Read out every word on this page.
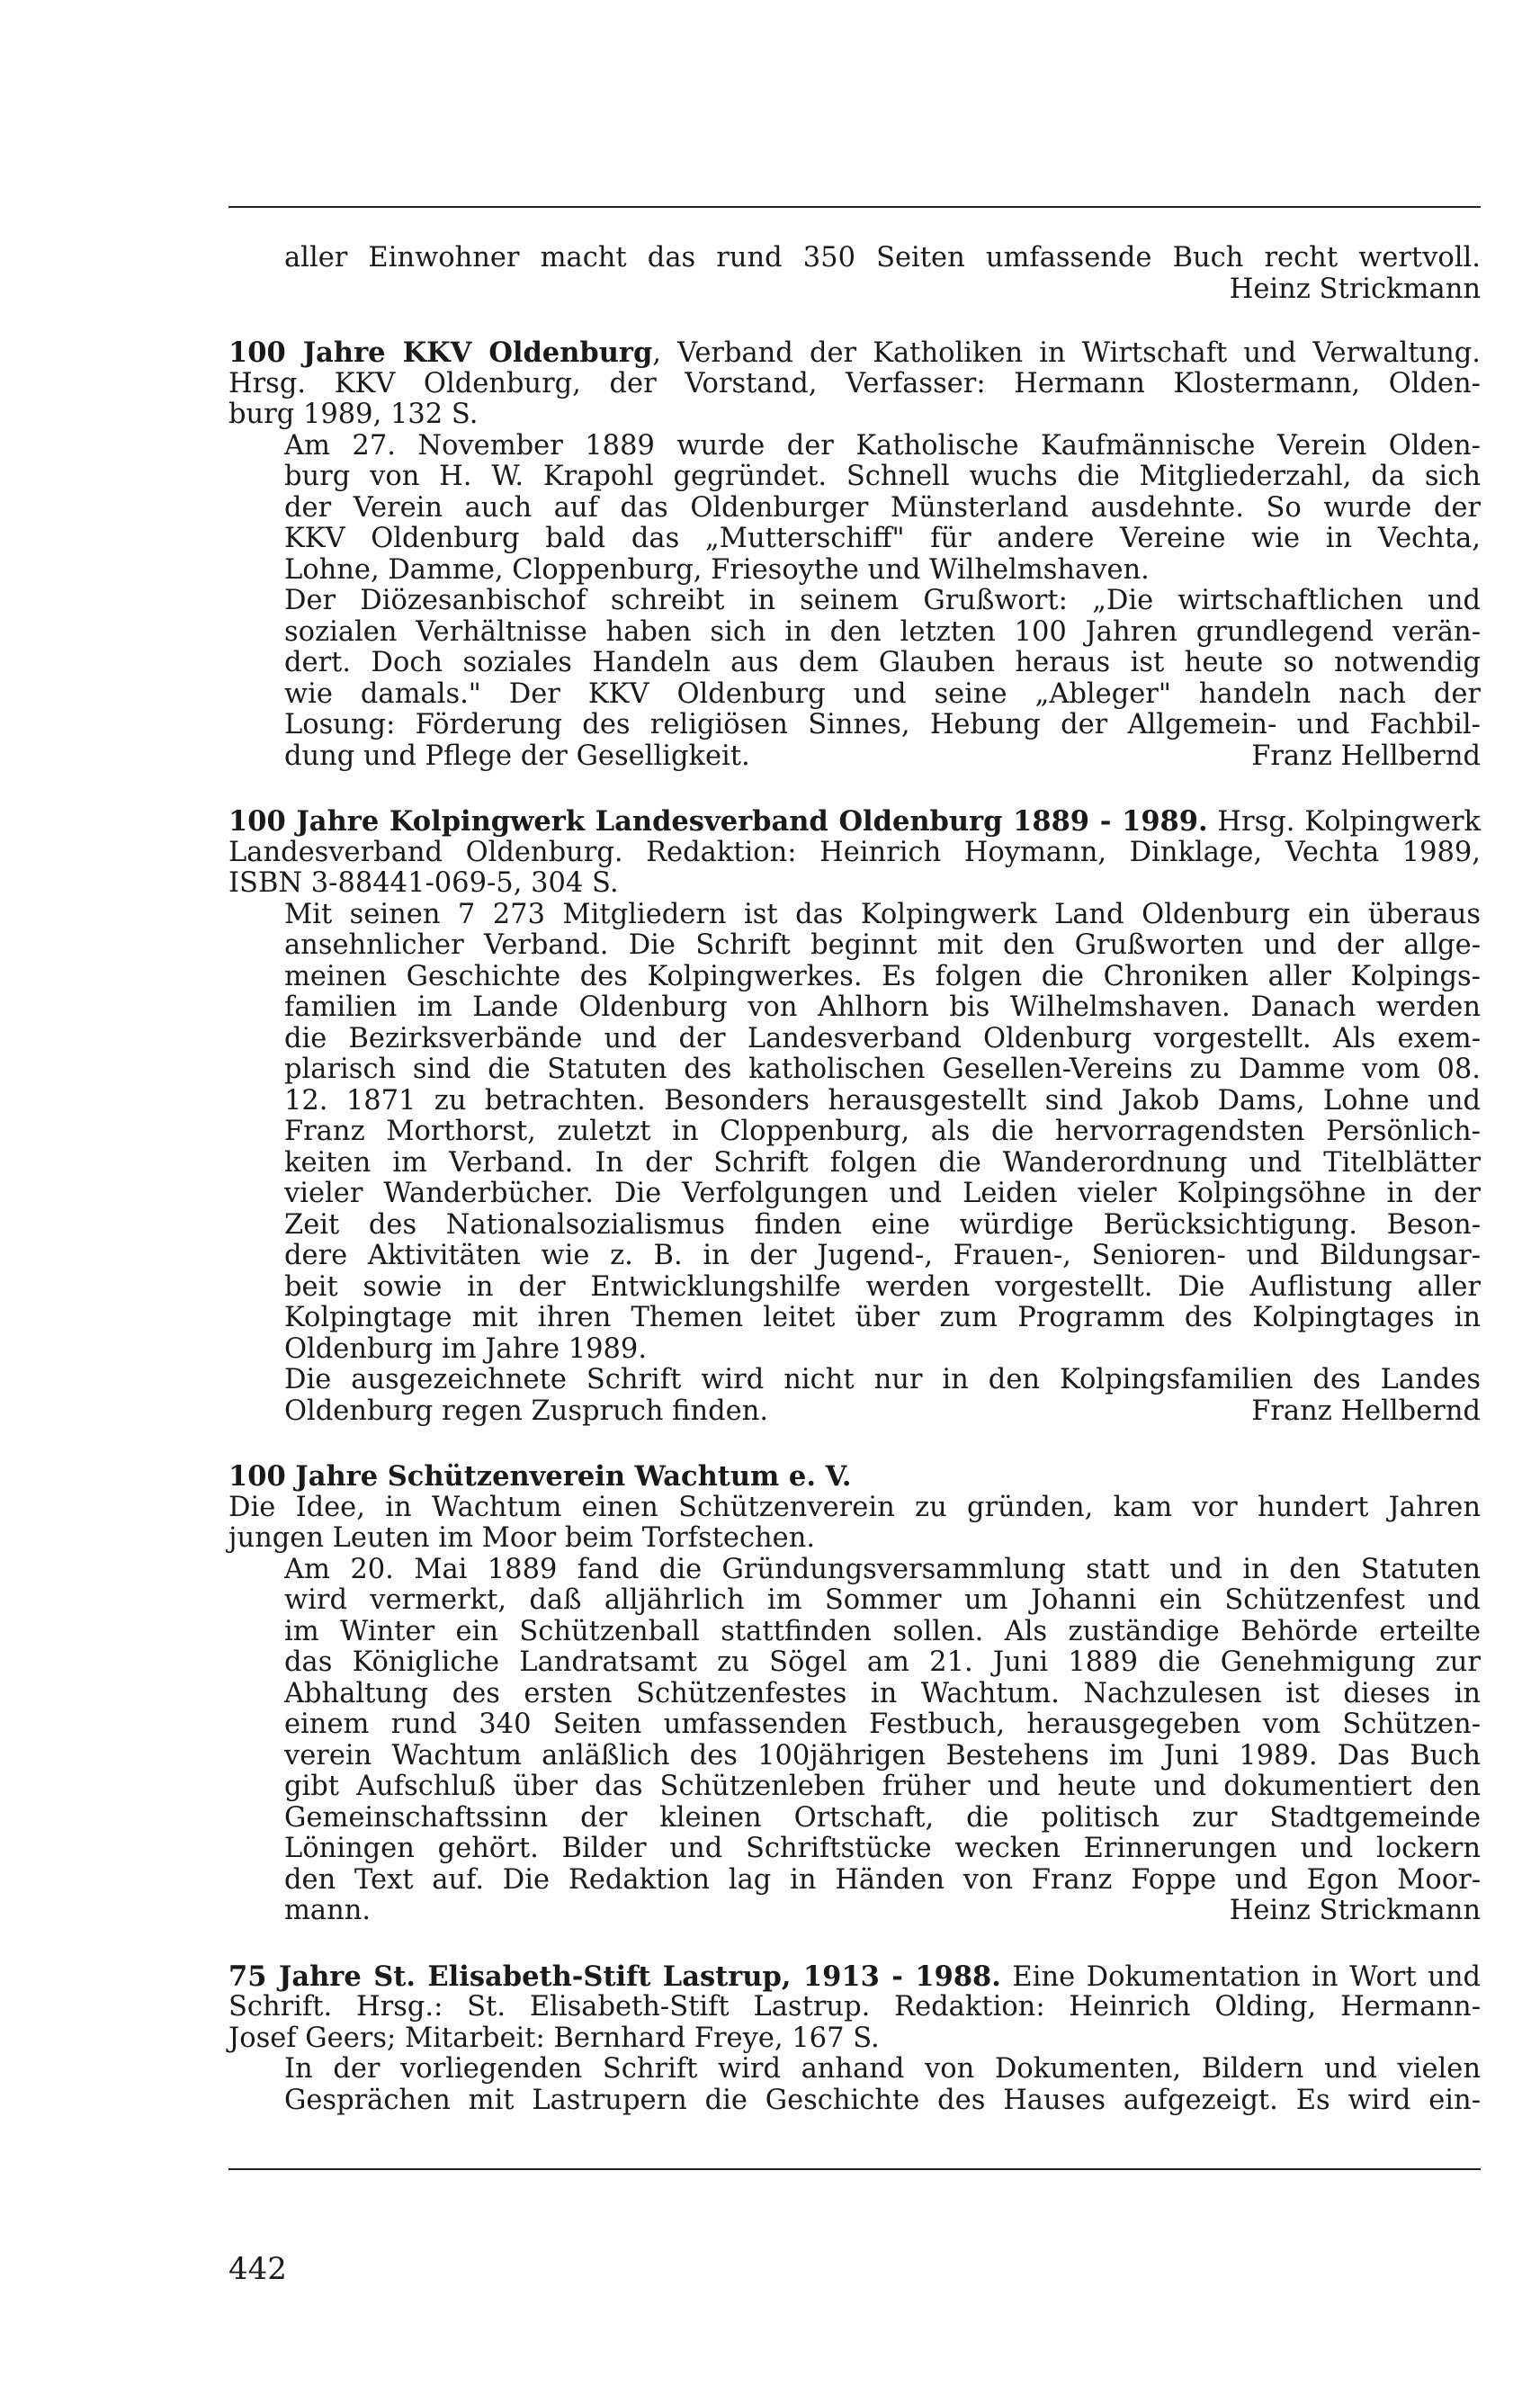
aller Einwohner macht das rund 350 Seiten umfassende Buch recht wertvoll.
Heinz Strickmann
100 Jahre KKV Oldenburg, Verband der Katholiken in Wirtschaft und Verwaltung.
Hrsg. KKV Oldenburg, der Vorstand, Verfasser: Hermann Klostermann, Olden-
burg 1989, 132 S.
Am 27. November 1889 wurde der Katholische Kaufmännische Verein Olden-
burg von H. W. Krapohl gegründet. Schnell wuchs die Mitgliederzahl, da sich
der Verein auch auf das Oldenburger Münsterland ausdehnte. So wurde der
KKV Oldenburg bald das „Mutterschiff" für andere Vereine wie in Vechta,
Lohne, Damme, Cloppenburg, Friesoythe und Wilhelmshaven.
Der Diözesanbischof schreibt in seinem Grußwort: „Die wirtschaftlichen und
sozialen Verhältnisse haben sich in den letzten 100 Jahren grundlegend verän-
dert. Doch soziales Handeln aus dem Glauben heraus ist heute so notwendig
wie damals." Der KKV Oldenburg und seine „Ableger" handeln nach der
Losung: Förderung des religiösen Sinnes, Hebung der Allgemein- und Fachbil-
dung und Pflege der Geselligkeit.	Franz Hellbernd
100 Jahre Kolpingwerk Landesverband Oldenburg 1889 - 1989. Hrsg. Kolpingwerk
Landesverband Oldenburg. Redaktion: Heinrich Hoymann, Dinklage, Vechta 1989,
ISBN 3-88441-069-5, 304 S.
Mit seinen 7 273 Mitgliedern ist das Kolpingwerk Land Oldenburg ein überaus
ansehnlicher Verband. Die Schrift beginnt mit den Grußworten und der allge-
meinen Geschichte des Kolpingwerkes. Es folgen die Chroniken aller Kolpings-
familien im Lande Oldenburg von Ahlhorn bis Wilhelmshaven. Danach werden
die Bezirksverbände und der Landesverband Oldenburg vorgestellt. Als exem-
plarisch sind die Statuten des katholischen Gesellen-Vereins zu Damme vom 08.
12. 1871 zu betrachten. Besonders herausgestellt sind Jakob Dams, Lohne und
Franz Morthorst, zuletzt in Cloppenburg, als die hervorragendsten Persönlich-
keiten im Verband. In der Schrift folgen die Wanderordnung und Titelblätter
vieler Wanderbücher. Die Verfolgungen und Leiden vieler Kolpingsöhne in der
Zeit des Nationalsozialismus finden eine würdige Berücksichtigung. Beson-
dere Aktivitäten wie z. B. in der Jugend-, Frauen-, Senioren- und Bildungsar-
beit sowie in der Entwicklungshilfe werden vorgestellt. Die Auflistung aller
Kolpingtage mit ihren Themen leitet über zum Programm des Kolpingtages in
Oldenburg im Jahre 1989.
Die ausgezeichnete Schrift wird nicht nur in den Kolpingsfamilien des Landes
Oldenburg regen Zuspruch finden.	Franz Hellbernd
100 Jahre Schützenverein Wachtum e. V.
Die Idee, in Wachtum einen Schützenverein zu gründen, kam vor hundert Jahren
jungen Leuten im Moor beim Torfstechen.
Am 20. Mai 1889 fand die Gründungsversammlung statt und in den Statuten
wird vermerkt, daß alljährlich im Sommer um Johanni ein Schützenfest und
im Winter ein Schützenball stattfinden sollen. Als zuständige Behörde erteilte
das Königliche Landratsamt zu Sögel am 21. Juni 1889 die Genehmigung zur
Abhaltung des ersten Schützenfestes in Wachtum. Nachzulesen ist dieses in
einem rund 340 Seiten umfassenden Festbuch, herausgegeben vom Schützen-
verein Wachtum anläßlich des 100jährigen Bestehens im Juni 1989. Das Buch
gibt Aufschluß über das Schützenleben früher und heute und dokumentiert den
Gemeinschaftssinn der kleinen Ortschaft, die politisch zur Stadtgemeinde
Löningen gehört. Bilder und Schriftstücke wecken Erinnerungen und lockern
den Text auf. Die Redaktion lag in Händen von Franz Foppe und Egon Moor-
mann.	Heinz Strickmann
75 Jahre St. Elisabeth-Stift Lastrup, 1913 - 1988. Eine Dokumentation in Wort und
Schrift. Hrsg.: St. Elisabeth-Stift Lastrup. Redaktion: Heinrich Olding, Hermann-
Josef Geers; Mitarbeit: Bernhard Freye, 167 S.
In der vorliegenden Schrift wird anhand von Dokumenten, Bildern und vielen
Gesprächen mit Lastrupern die Geschichte des Hauses aufgezeigt. Es wird ein-
442
